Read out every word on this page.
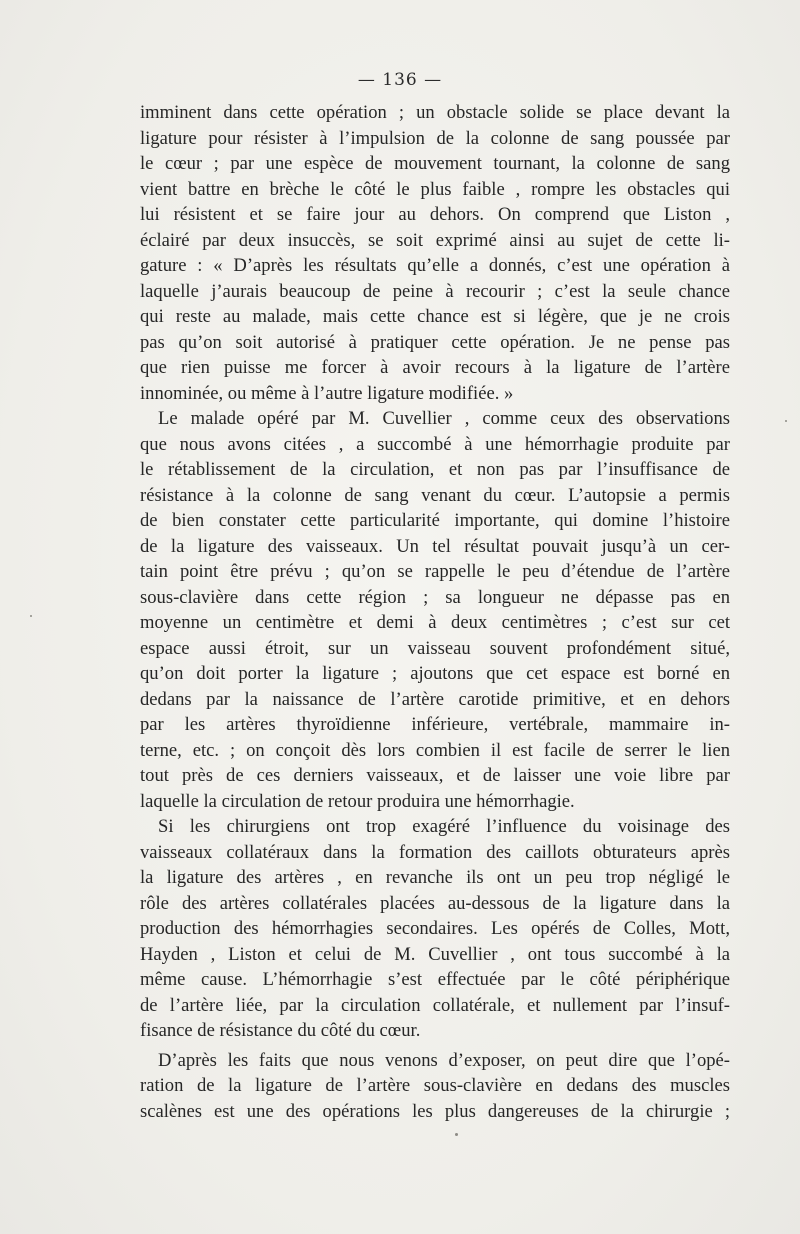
— 136 —
imminent dans cette opération ; un obstacle solide se place devant la
ligature pour résister à l’impulsion de la colonne de sang poussée par
le cœur ; par une espèce de mouvement tournant, la colonne de sang
vient battre en brèche le côté le plus faible , rompre les obstacles qui
lui résistent et se faire jour au dehors. On comprend que Liston ,
éclairé par deux insuccès, se soit exprimé ainsi au sujet de cette li-
gature : « D’après les résultats qu’elle a donnés, c’est une opération à
laquelle j’aurais beaucoup de peine à recourir ; c’est la seule chance
qui reste au malade, mais cette chance est si légère, que je ne crois
pas qu’on soit autorisé à pratiquer cette opération. Je ne pense pas
que rien puisse me forcer à avoir recours à la ligature de l’artère
innominée, ou même à l’autre ligature modifiée. »
Le malade opéré par M. Cuvellier , comme ceux des observations
que nous avons citées , a succombé à une hémorrhagie produite par
le rétablissement de la circulation, et non pas par l’insuffisance de
résistance à la colonne de sang venant du cœur. L’autopsie a permis
de bien constater cette particularité importante, qui domine l’histoire
de la ligature des vaisseaux. Un tel résultat pouvait jusqu’à un cer-
tain point être prévu ; qu’on se rappelle le peu d’étendue de l’artère
sous-clavière dans cette région ; sa longueur ne dépasse pas en
moyenne un centimètre et demi à deux centimètres ; c’est sur cet
espace aussi étroit, sur un vaisseau souvent profondément situé,
qu’on doit porter la ligature ; ajoutons que cet espace est borné en
dedans par la naissance de l’artère carotide primitive, et en dehors
par les artères thyroïdienne inférieure, vertébrale, mammaire in-
terne, etc. ; on conçoit dès lors combien il est facile de serrer le lien
tout près de ces derniers vaisseaux, et de laisser une voie libre par
laquelle la circulation de retour produira une hémorrhagie.
Si les chirurgiens ont trop exagéré l’influence du voisinage des
vaisseaux collatéraux dans la formation des caillots obturateurs après
la ligature des artères , en revanche ils ont un peu trop négligé le
rôle des artères collatérales placées au-dessous de la ligature dans la
production des hémorrhagies secondaires. Les opérés de Colles, Mott,
Hayden , Liston et celui de M. Cuvellier , ont tous succombé à la
même cause. L’hémorrhagie s’est effectuée par le côté périphérique
de l’artère liée, par la circulation collatérale, et nullement par l’insuf-
fisance de résistance du côté du cœur.
D’après les faits que nous venons d’exposer, on peut dire que l’opé-
ration de la ligature de l’artère sous-clavière en dedans des muscles
scalènes est une des opérations les plus dangereuses de la chirurgie ;
